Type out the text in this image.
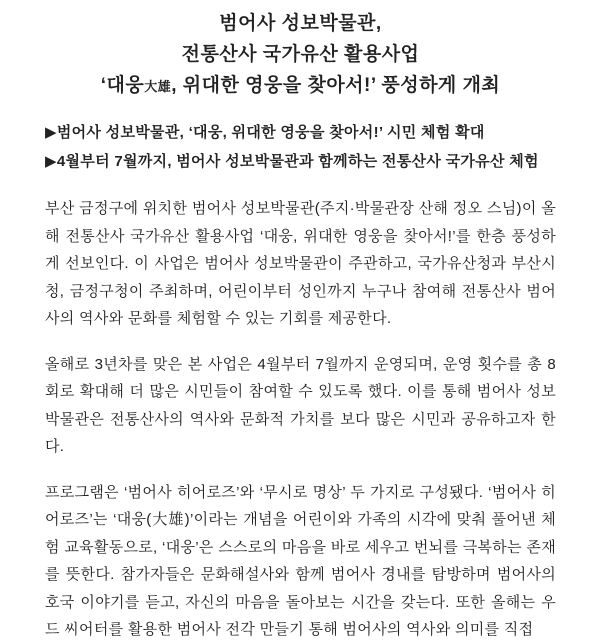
범어사 성보박물관,
전통산사 국가유산 활용사업
‘대웅大雄, 위대한 영웅을 찾아서!’ 풍성하게 개최
▶범어사 성보박물관, ‘대웅, 위대한 영웅을 찾아서!’ 시민 체험 확대
▶4월부터 7월까지, 범어사 성보박물관과 함께하는 전통산사 국가유산 체험

부산 금정구에 위치한 범어사 성보박물관(주지·박물관장 산해 정오 스님)이 올해 전통산사 국가유산 활용사업 ‘대웅, 위대한 영웅을 찾아서!’를 한층 풍성하게 선보인다. 이 사업은 범어사 성보박물관이 주관하고, 국가유산청과 부산시청, 금정구청이 주최하며, 어린이부터 성인까지 누구나 참여해 전통산사 범어사의 역사와 문화를 체험할 수 있는 기회를 제공한다.

올해로 3년차를 맞은 본 사업은 4월부터 7월까지 운영되며, 운영 횟수를 총 8회로 확대해 더 많은 시민들이 참여할 수 있도록 했다. 이를 통해 범어사 성보박물관은 전통산사의 역사와 문화적 가치를 보다 많은 시민과 공유하고자 한다.

프로그램은 ‘범어사 히어로즈’와 ‘무시로 명상’ 두 가지로 구성됐다. ‘범어사 히어로즈’는 ‘대웅(大雄)’이라는 개념을 어린이와 가족의 시각에 맞춰 풀어낸 체험 교육활동으로, ‘대웅’은 스스로의 마음을 바로 세우고 번뇌를 극복하는 존재를 뜻한다. 참가자들은 문화해설사와 함께 범어사 경내를 탐방하며 범어사의 호국 이야기를 듣고, 자신의 마음을 돌아보는 시간을 갖는다. 또한 올해는 우드 씨어터를 활용한 범어사 전각 만들기 통해 범어사의 역사와 의미를 직접
